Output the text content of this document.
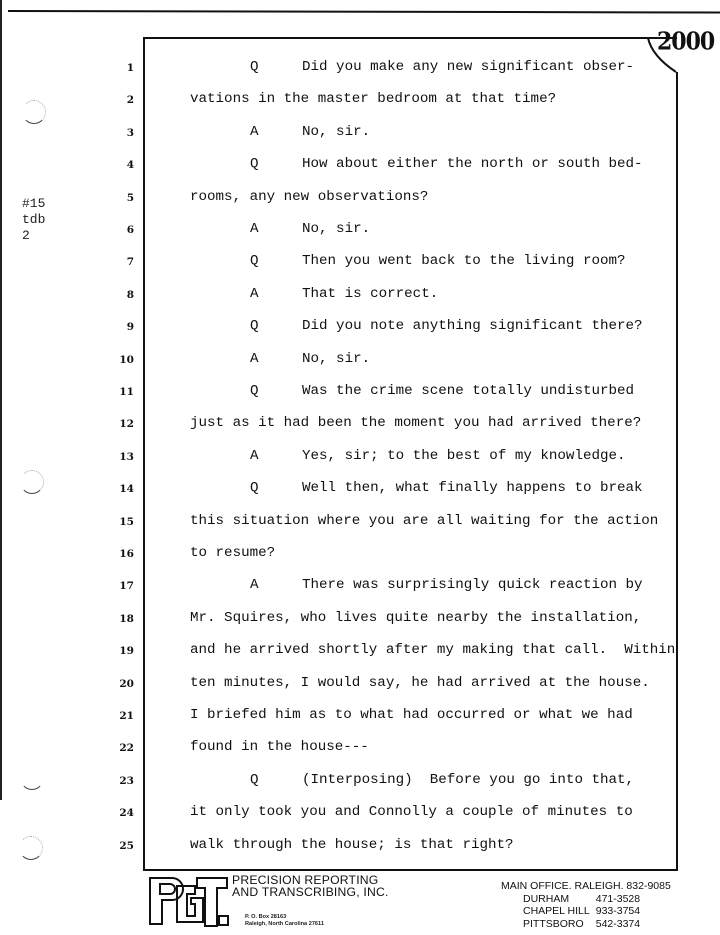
#15
tdb
2
2000
1	Q	Did you make any new significant obser-
2	vations in the master bedroom at that time?
3	A	No, sir.
4	Q	How about either the north or south bed-
5	rooms, any new observations?
6	A	No, sir.
7	Q	Then you went back to the living room?
8	A	That is correct.
9	Q	Did you note anything significant there?
10	A	No, sir.
11	Q	Was the crime scene totally undisturbed
12	just as it had been the moment you had arrived there?
13	A	Yes, sir; to the best of my knowledge.
14	Q	Well then, what finally happens to break
15	this situation where you are all waiting for the action
16	to resume?
17	A	There was surprisingly quick reaction by
18	Mr. Squires, who lives quite nearby the installation,
19	and he arrived shortly after my making that call.  Within
20	ten minutes, I would say, he had arrived at the house.
21	I briefed him as to what had occurred or what we had
22	found in the house---
23	Q	(Interposing)  Before you go into that,
24	it only took you and Connolly a couple of minutes to
25	walk through the house; is that right?
PRECISION REPORTING
AND TRANSCRIBING, INC.
P. O. Box 28163
Raleigh, North Carolina 27611
MAIN OFFICE. RALEIGH. 832-9085
DURHAM	471-3528
CHAPEL HILL	933-3754
PITTSBORO	542-3374
